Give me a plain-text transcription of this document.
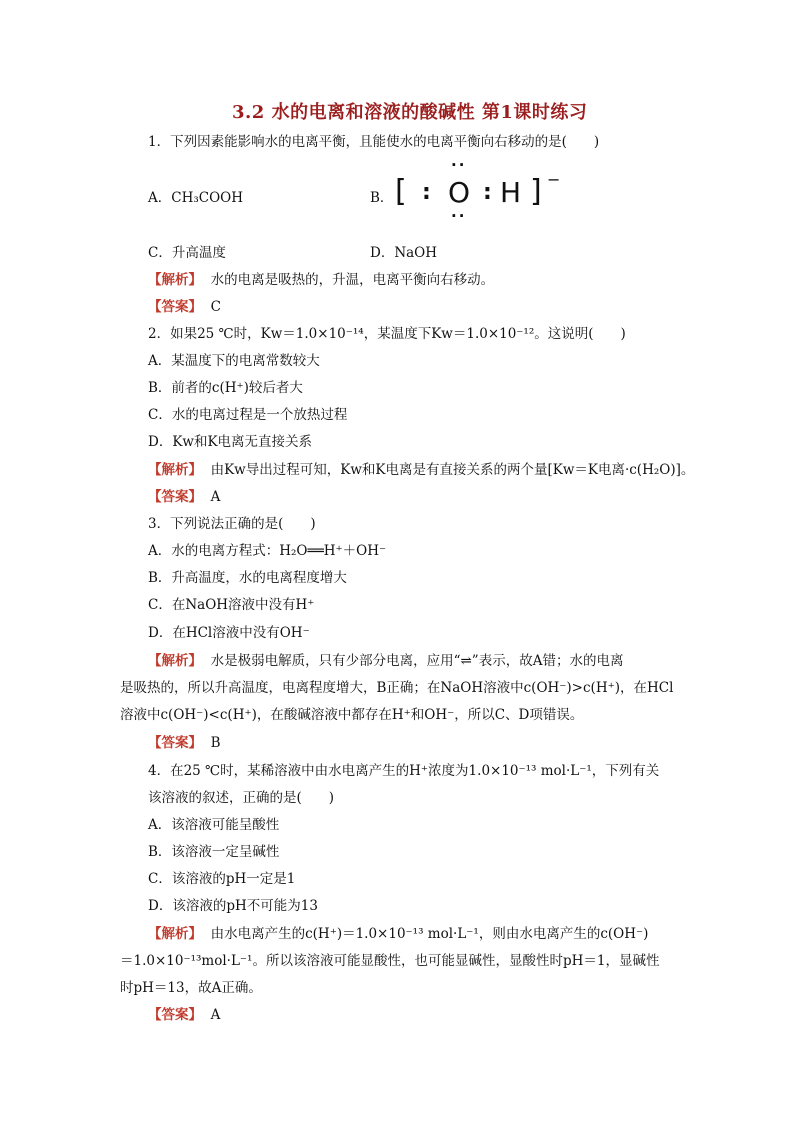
3.2 水的电离和溶液的酸碱性 第1课时练习
1．下列因素能影响水的电离平衡，且能使水的电离平衡向右移动的是(　　)
A．CH₃COOH	B． [ :
··
O
··
: H ] −
C．升高温度	D．NaOH
【解析】 水的电离是吸热的，升温，电离平衡向右移动。
【答案】 C
2．如果25 ℃时，Kw＝1.0×10⁻¹⁴，某温度下Kw＝1.0×10⁻¹²。这说明(　　)
A．某温度下的电离常数较大
B．前者的c(H⁺)较后者大
C．水的电离过程是一个放热过程
D．Kw和K电离无直接关系
【解析】 由Kw导出过程可知，Kw和K电离是有直接关系的两个量[Kw＝K电离·c(H₂O)]。
【答案】 A
3．下列说法正确的是(　　)
A．水的电离方程式：H₂O══H⁺＋OH⁻
B．升高温度，水的电离程度增大
C．在NaOH溶液中没有H⁺
D．在HCl溶液中没有OH⁻
【解析】 水是极弱电解质，只有少部分电离，应用“⇌”表示，故A错；水的电离
是吸热的，所以升高温度，电离程度增大，B正确；在NaOH溶液中c(OH⁻)>c(H⁺)，在HCl
溶液中c(OH⁻)<c(H⁺)，在酸碱溶液中都存在H⁺和OH⁻，所以C、D项错误。
【答案】 B
4．在25 ℃时，某稀溶液中由水电离产生的H⁺浓度为1.0×10⁻¹³ mol·L⁻¹，下列有关
该溶液的叙述，正确的是(　　)
A．该溶液可能呈酸性
B．该溶液一定呈碱性
C．该溶液的pH一定是1
D．该溶液的pH不可能为13
【解析】 由水电离产生的c(H⁺)＝1.0×10⁻¹³ mol·L⁻¹，则由水电离产生的c(OH⁻)
＝1.0×10⁻¹³mol·L⁻¹。所以该溶液可能显酸性，也可能显碱性，显酸性时pH＝1，显碱性
时pH＝13，故A正确。
【答案】 A
